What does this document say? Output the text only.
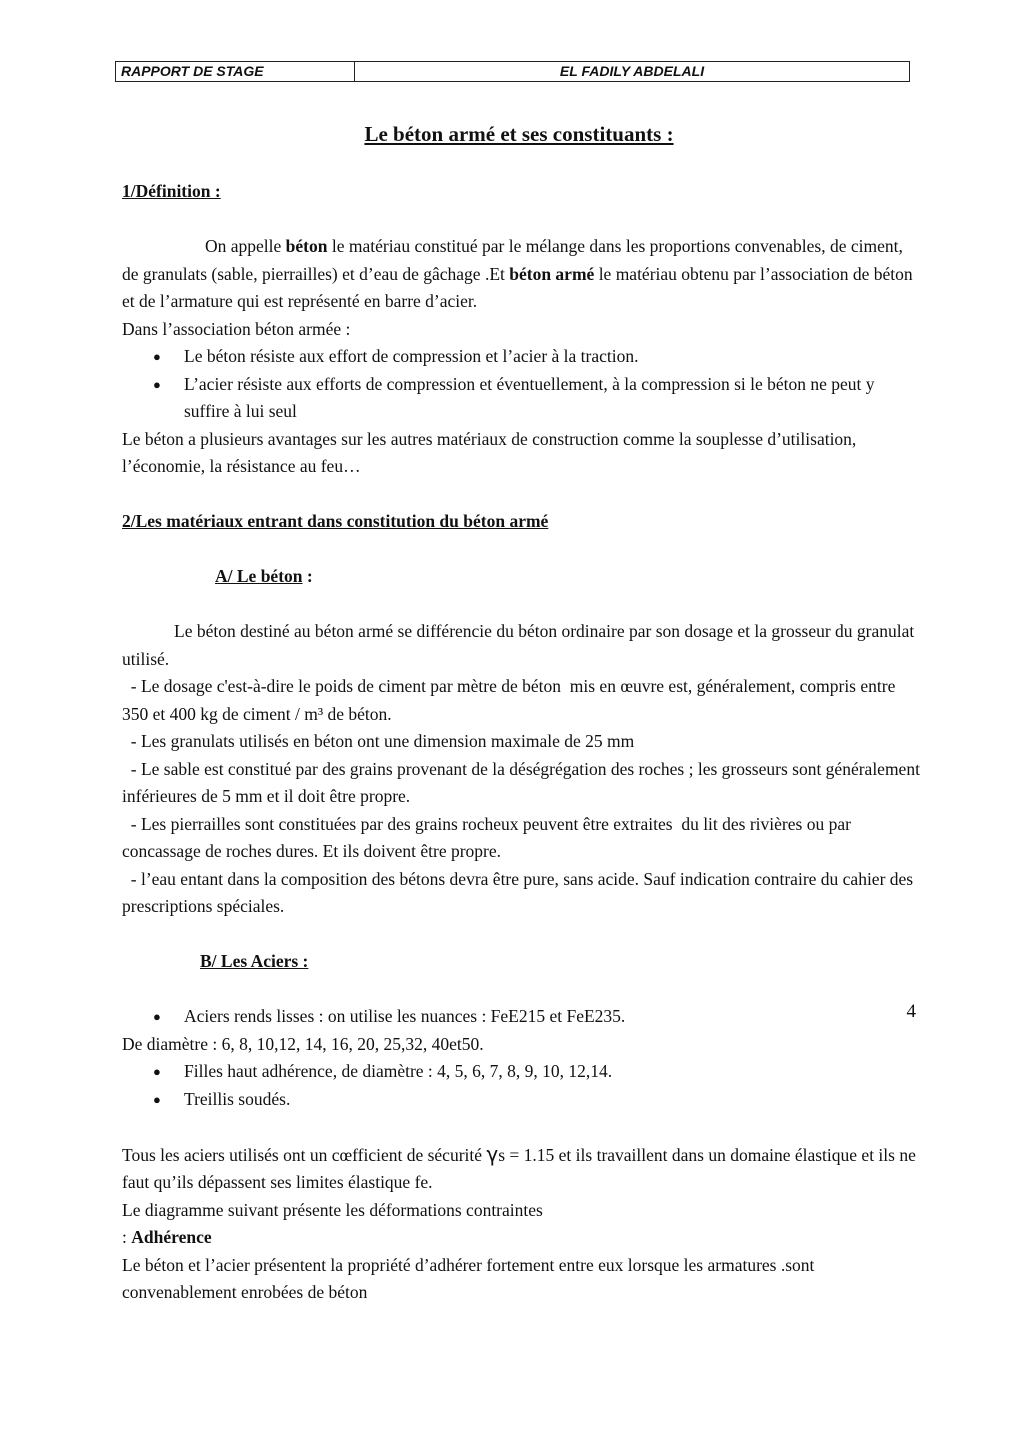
RAPPORT DE STAGE	EL FADILY ABDELALI
Le béton armé et ses constituants :

1/Définition :

On appelle béton le matériau constitué par le mélange dans les proportions convenables, de ciment, de granulats (sable, pierrailles) et d’eau de gâchage .Et béton armé le matériau obtenu par l’association de béton et de l’armature qui est représenté en barre d’acier.

Dans l’association béton armée :

● Le béton résiste aux effort de compression et l’acier à la traction.
● L’acier résiste aux efforts de compression et éventuellement, à la compression si le béton ne peut y suffire à lui seul

Le béton a plusieurs avantages sur les autres matériaux de construction comme la souplesse d’utilisation, l’économie, la résistance au feu…

2/Les matériaux entrant dans constitution du béton armé

A/ Le béton :

Le béton destiné au béton armé se différencie du béton ordinaire par son dosage et la grosseur du granulat utilisé.

- Le dosage c'est-à-dire le poids de ciment par mètre de béton  mis en œuvre est, généralement, compris entre 350 et 400 kg de ciment / m³ de béton.

- Les granulats utilisés en béton ont une dimension maximale de 25 mm

- Le sable est constitué par des grains provenant de la déségrégation des roches ; les grosseurs sont généralement inférieures de 5 mm et il doit être propre.

- Les pierrailles sont constituées par des grains rocheux peuvent être extraites  du lit des rivières ou par concassage de roches dures. Et ils doivent être propre.

- l’eau entant dans la composition des bétons devra être pure, sans acide. Sauf indication contraire du cahier des prescriptions spéciales.

B/ Les Aciers :

● Aciers rends lisses : on utilise les nuances : FeE215 et FeE235.

De diamètre : 6, 8, 10,12, 14, 16, 20, 25,32, 40et50.

● Filles haut adhérence, de diamètre : 4, 5, 6, 7, 8, 9, 10, 12,14.
● Treillis soudés.

Tous les aciers utilisés ont un cœfficient de sécurité γs = 1.15 et ils travaillent dans un domaine élastique et ils ne faut qu’ils dépassent ses limites élastique fe.

Le diagramme suivant présente les déformations contraintes

: Adhérence

Le béton et l’acier présentent la propriété d’adhérer fortement entre eux lorsque les armatures .sont convenablement enrobées de béton

4
